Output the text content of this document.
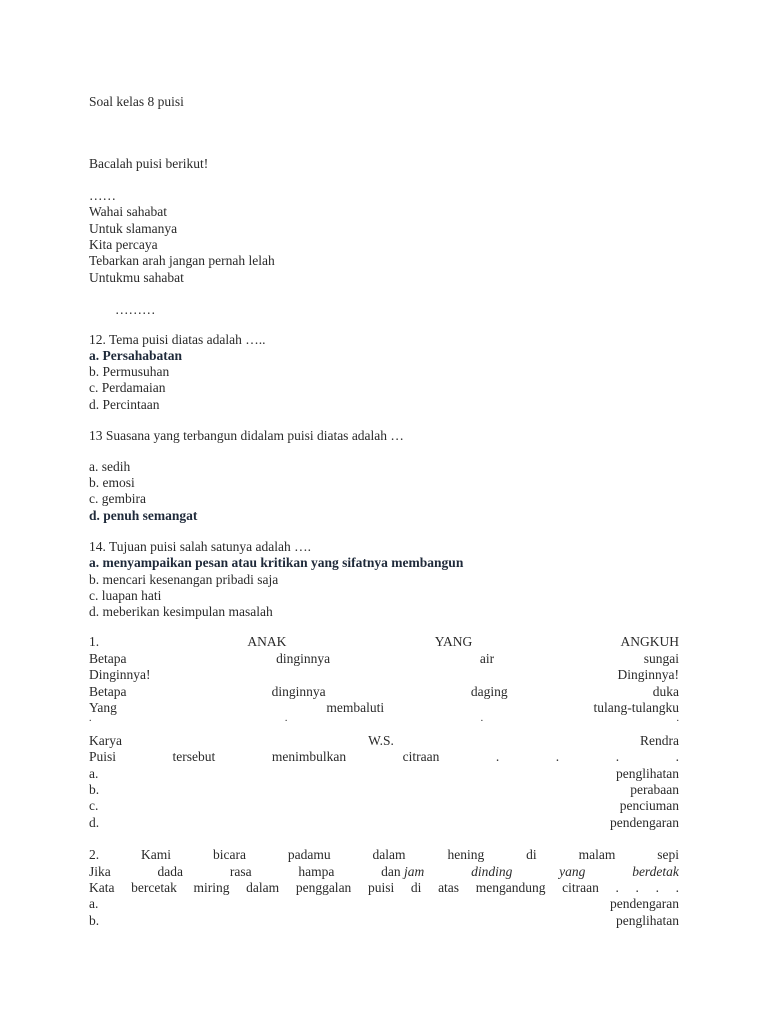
Soal kelas 8 puisi
Bacalah puisi berikut!
……
Wahai sahabat
Untuk slamanya
Kita percaya
Tebarkan arah jangan pernah lelah
Untukmu sahabat
………
12. Tema puisi diatas adalah …..
a. Persahabatan
b. Permusuhan
c. Perdamaian
d. Percintaan
13 Suasana yang terbangun didalam puisi diatas adalah …
a. sedih
b. emosi
c. gembira
d. penuh semangat
14. Tujuan puisi salah satunya adalah ….
a. menyampaikan pesan atau kritikan yang sifatnya membangun
b. mencari kesenangan pribadi saja
c. luapan hati
d. meberikan kesimpulan masalah
1.	ANAK	YANG	ANGKUH
Betapa	dinginnya	air	sungai
Dinginnya!	Dinginnya!
Betapa	dinginnya	daging	duka
Yang	membaluti	tulang-tulangku
.	.	.	.
Karya	W.S.	Rendra
Puisi	tersebut	menimbulkan	citraan	.	.	.	.
a.	penglihatan
b.	perabaan
c.	penciuman
d.	pendengaran
2.	Kami	bicara	padamu	dalam	hening	di	malam	sepi
Jika	dada	rasa	hampa	dan jam	dinding	yang	berdetak
Kata bercetak miring dalam penggalan puisi di atas mengandung citraan . . . .
a.	pendengaran
b.	penglihatan
